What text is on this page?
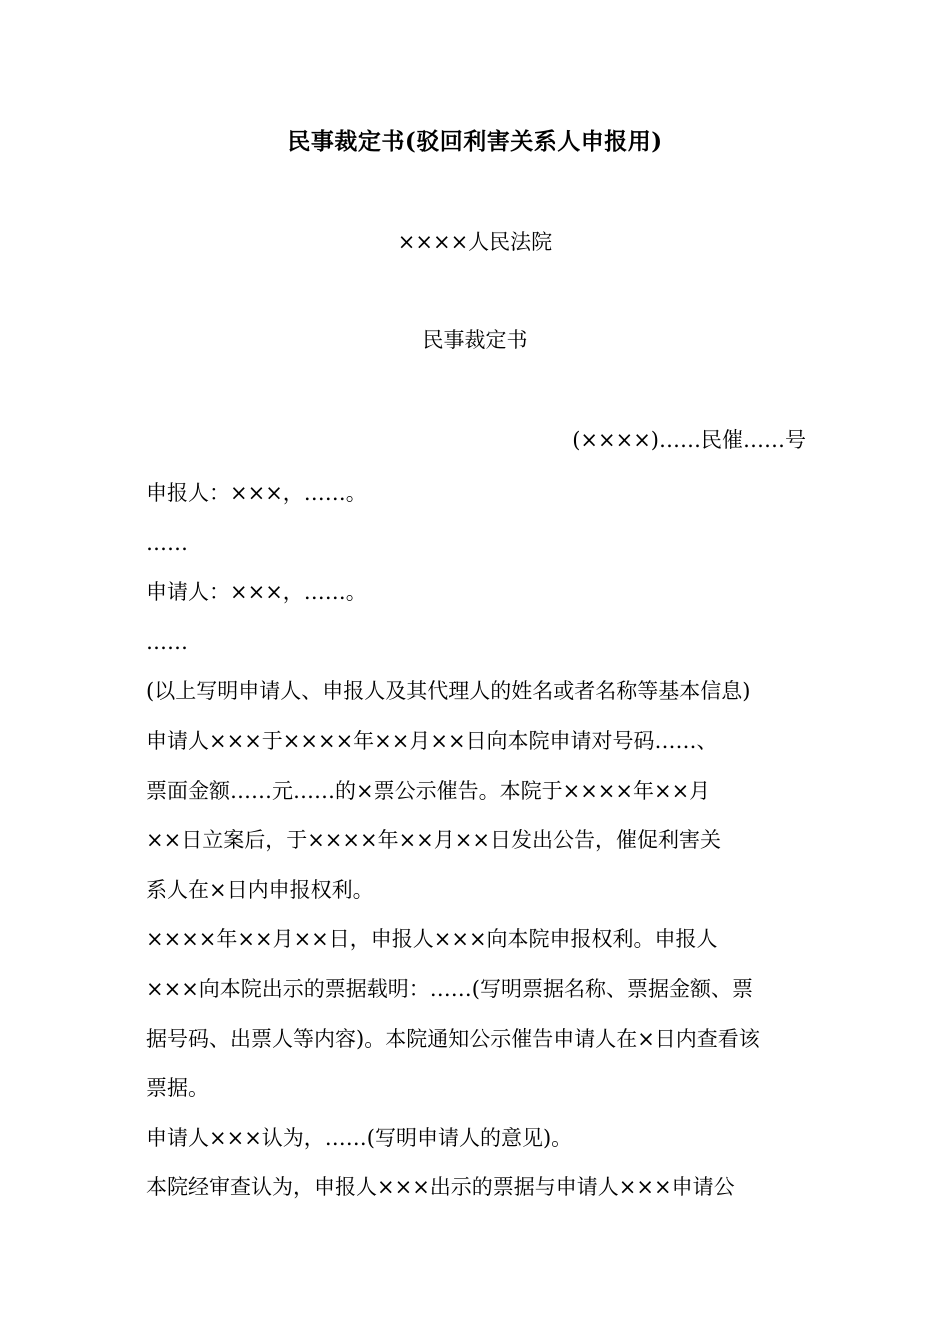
民事裁定书(驳回利害关系人申报用)
××××人民法院
民事裁定书
(××××)……民催……号
申报人：×××，……。
……
申请人：×××，……。
……
(以上写明申请人、申报人及其代理人的姓名或者名称等基本信息)
申请人×××于××××年××月××日向本院申请对号码……、
票面金额……元……的×票公示催告。本院于××××年××月
××日立案后，于××××年××月××日发出公告，催促利害关
系人在×日内申报权利。
××××年××月××日，申报人×××向本院申报权利。申报人
×××向本院出示的票据载明：……(写明票据名称、票据金额、票
据号码、出票人等内容)。本院通知公示催告申请人在×日内查看该
票据。
申请人×××认为，……(写明申请人的意见)。
本院经审查认为，申报人×××出示的票据与申请人×××申请公
